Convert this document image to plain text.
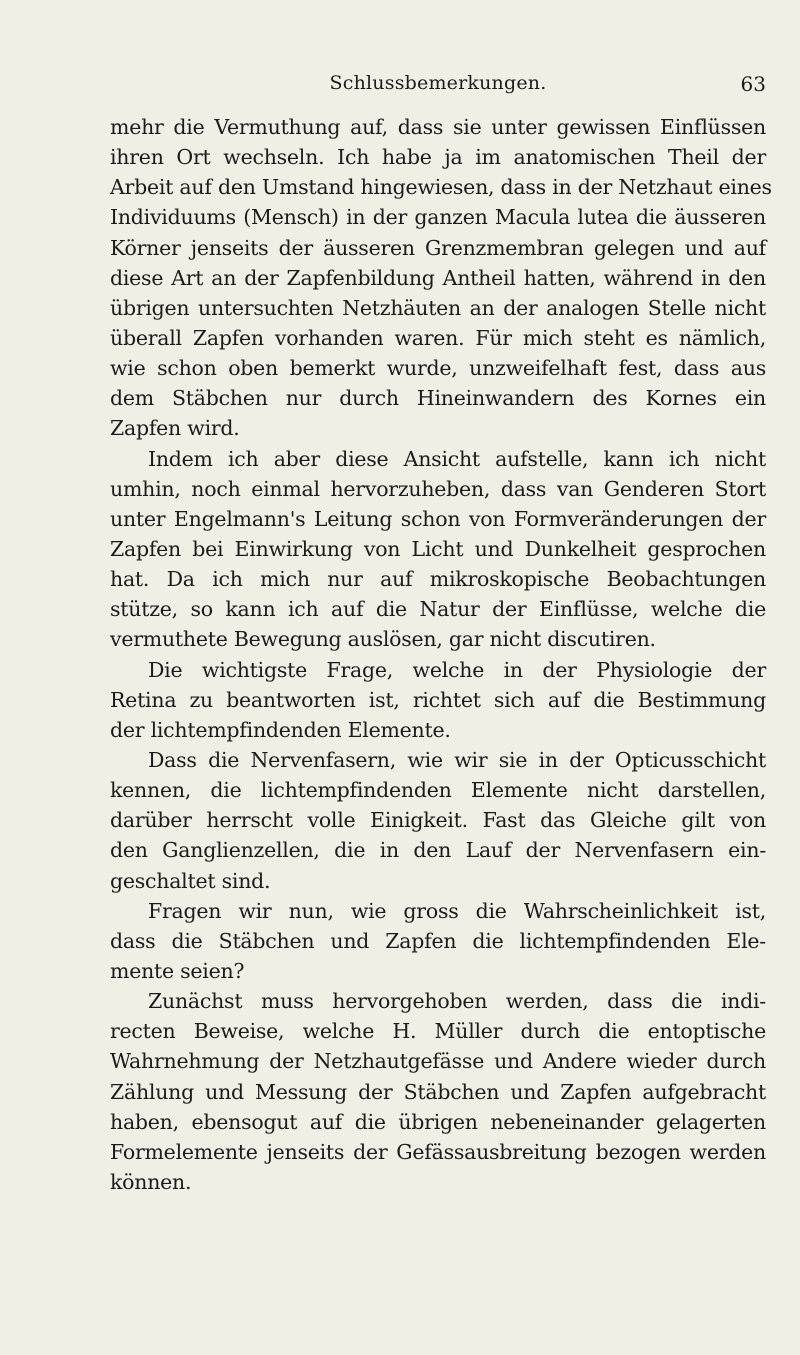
Schlussbemerkungen.	63
mehr die Vermuthung auf, dass sie unter gewissen Einflüssen
ihren Ort wechseln. Ich habe ja im anatomischen Theil der
Arbeit auf den Umstand hingewiesen, dass in der Netzhaut eines
Individuums (Mensch) in der ganzen Macula lutea die äusseren
Körner jenseits der äusseren Grenzmembran gelegen und auf
diese Art an der Zapfenbildung Antheil hatten, während in den
übrigen untersuchten Netzhäuten an der analogen Stelle nicht
überall Zapfen vorhanden waren. Für mich steht es nämlich,
wie schon oben bemerkt wurde, unzweifelhaft fest, dass aus
dem Stäbchen nur durch Hineinwandern des Kornes ein
Zapfen wird.
Indem ich aber diese Ansicht aufstelle, kann ich nicht
umhin, noch einmal hervorzuheben, dass van Genderen Stort
unter Engelmann's Leitung schon von Formveränderungen der
Zapfen bei Einwirkung von Licht und Dunkelheit gesprochen
hat. Da ich mich nur auf mikroskopische Beobachtungen
stütze, so kann ich auf die Natur der Einflüsse, welche die
vermuthete Bewegung auslösen, gar nicht discutiren.
Die wichtigste Frage, welche in der Physiologie der
Retina zu beantworten ist, richtet sich auf die Bestimmung
der lichtempfindenden Elemente.
Dass die Nervenfasern, wie wir sie in der Opticusschicht
kennen, die lichtempfindenden Elemente nicht darstellen,
darüber herrscht volle Einigkeit. Fast das Gleiche gilt von
den Ganglienzellen, die in den Lauf der Nervenfasern ein-
geschaltet sind.
Fragen wir nun, wie gross die Wahrscheinlichkeit ist,
dass die Stäbchen und Zapfen die lichtempfindenden Ele-
mente seien?
Zunächst muss hervorgehoben werden, dass die indi-
recten Beweise, welche H. Müller durch die entoptische
Wahrnehmung der Netzhautgefässe und Andere wieder durch
Zählung und Messung der Stäbchen und Zapfen aufgebracht
haben, ebensogut auf die übrigen nebeneinander gelagerten
Formelemente jenseits der Gefässausbreitung bezogen werden
können.
